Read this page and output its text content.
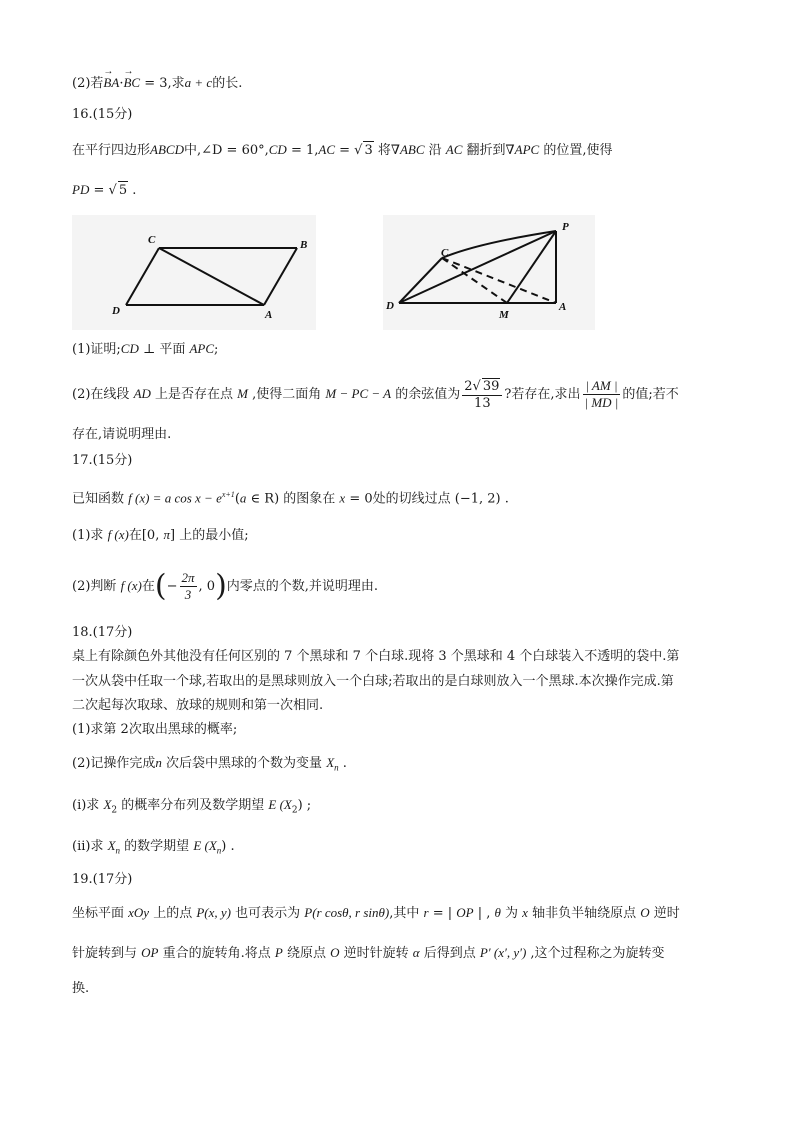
(2)若→ BA·→ BC = 3,求a + c的长.
16.(15分)
在平行四边形ABCD中,∠D = 60°,CD = 1,AC = √ 3 将∇ABC 沿 AC 翻折到∇APC 的位置,使得
PD = √ 5 .
C	B
D	A
C
P
D
M
A
(1)证明;CD ⊥ 平面 APC;
(2)在线段 AD 上是否存在点 M ,使得二面角 M − PC − A 的余弦值为 $\frac{2√ 39}{13}$ ?若存在,求出 $\frac{| AM |}{| MD |}$ 的值;若不
存在,请说明理由.
17.(15分)
已知函数 f (x) = a $\cos x - e^{x+1}(a$ ∈ R) 的图象在 x = 0处的切线过点 (−1, 2) .
(1)求 f (x)在[0, π] 上的最小值;
(2)判断 f (x)在(− $\frac{2\pi}{3}$ , 0)内零点的个数,并说明理由.
18.(17分)
桌上有除颜色外其他没有任何区别的 7 个黑球和 7 个白球.现将 3 个黑球和 4 个白球装入不透明的袋中.第
一次从袋中任取一个球,若取出的是黑球则放入一个白球;若取出的是白球则放入一个黑球.本次操作完成.第
二次起每次取球、放球的规则和第一次相同.
(1)求第 2次取出黑球的概率;
(2)记操作完成n 次后袋中黑球的个数为变量 $X_n$ .
(i)求 $X_2$ 的概率分布列及数学期望 E $(X_2)$ ;
(ii)求 $X_n$ 的数学期望 E $(X_n)$ .
19.(17分)
坐标平面 xOy 上的点 P(x, y) 也可表示为 P(r cosθ, r sinθ),其中 r = | OP | , θ 为 x 轴非负半轴绕原点 O 逆时
针旋转到与 OP 重合的旋转角.将点 P 绕原点 O 逆时针旋转 α 后得到点 P′ (x′, y′) ,这个过程称之为旋转变
换.
